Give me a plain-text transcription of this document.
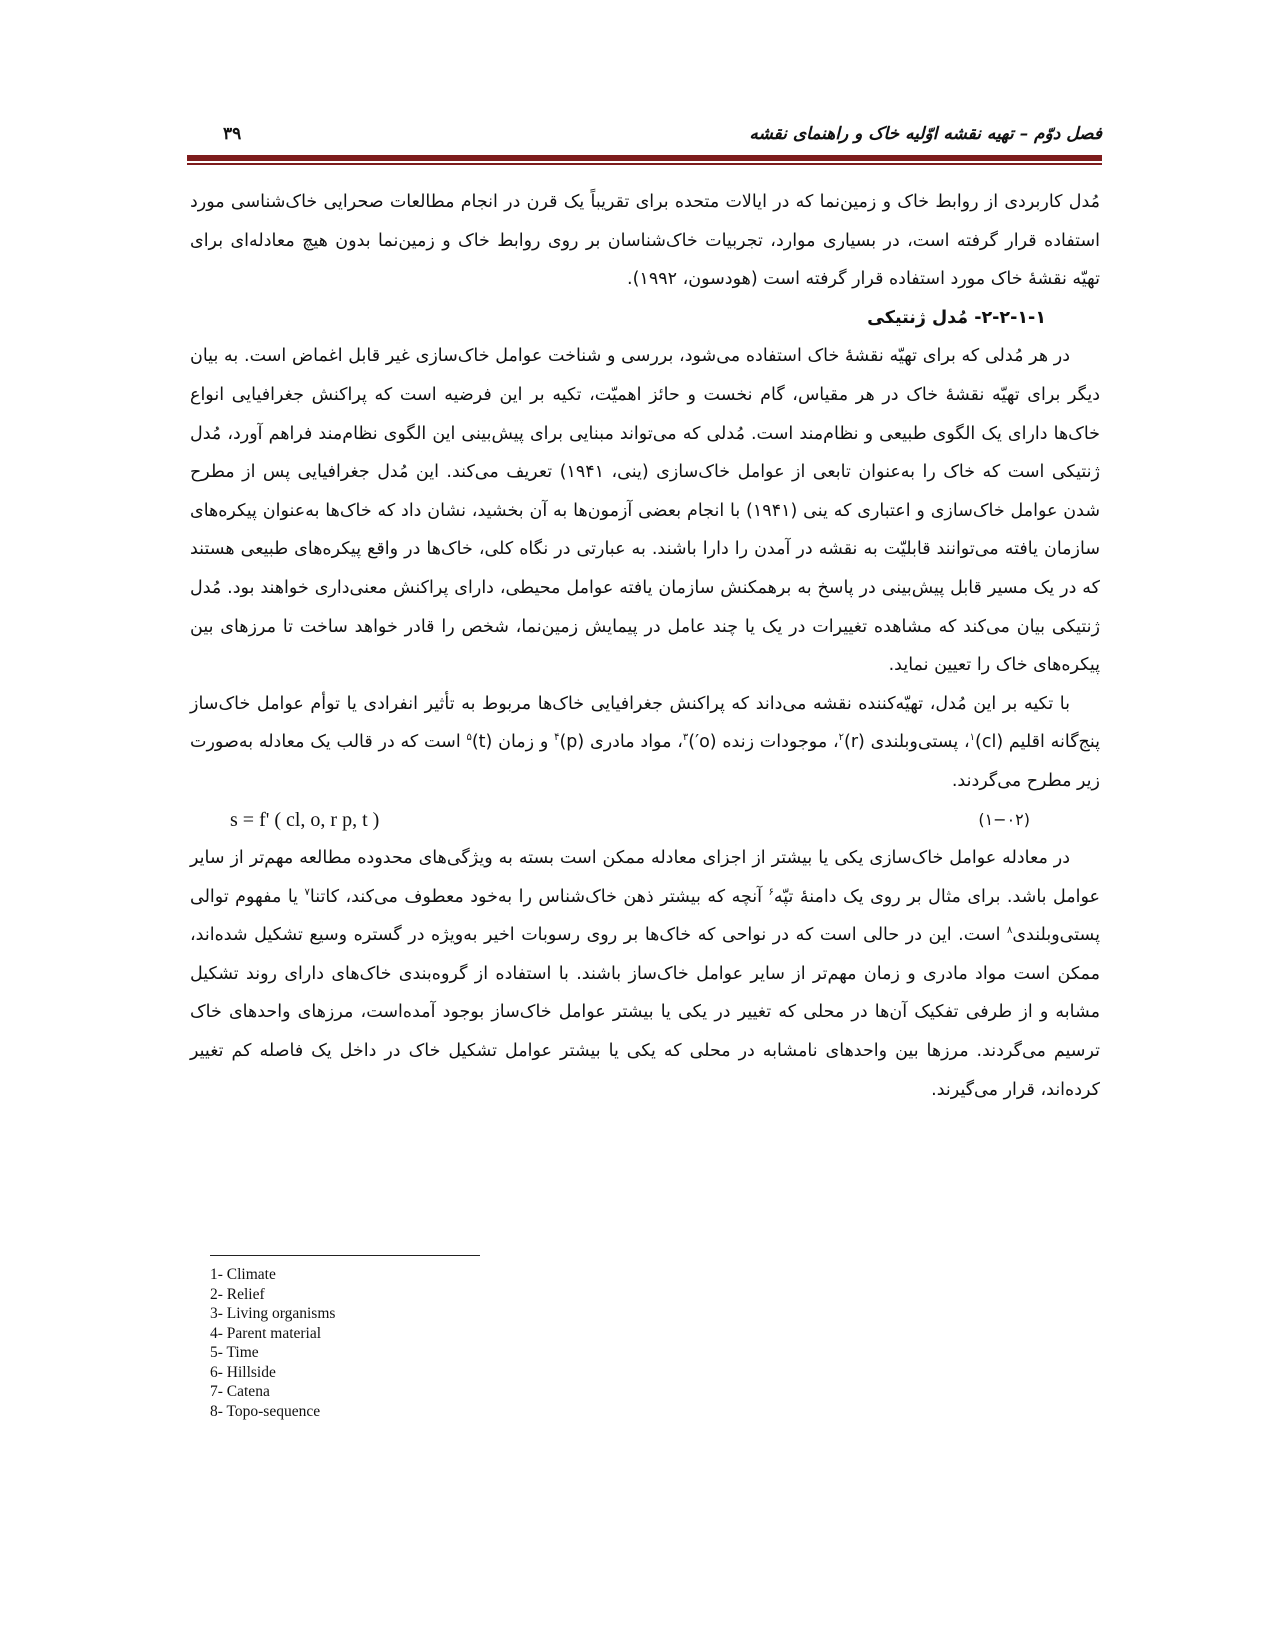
فصل دوّم – تهیه نقشه اوّلیه خاک و راهنمای نقشه
۳۹

مُدل کاربردی از روابط خاک و زمین‌نما که در ایالات متحده برای تقریباً یک قرن در انجام مطالعات صحرایی خاک‌شناسی مورد استفاده قرار گرفته است، در بسیاری موارد، تجربیات خاک‌شناسان بر روی روابط خاک و زمین‌نما بدون هیچ معادله‌ای برای تهیّه نقشهٔ خاک مورد استفاده قرار گرفته است (هودسون، ۱۹۹۲).

۲-۲-۱-۱- مُدل ژنتیکی

در هر مُدلی که برای تهیّه نقشهٔ خاک استفاده می‌شود، بررسی و شناخت عوامل خاک‌سازی غیر قابل اغماض است. به بیان دیگر برای تهیّه نقشهٔ خاک در هر مقیاس، گام نخست و حائز اهمیّت، تکیه بر این فرضیه است که پراکنش جغرافیایی انواع خاک‌ها دارای یک الگوی طبیعی و نظام‌مند است. مُدلی که می‌تواند مبنایی برای پیش‌بینی این الگوی نظام‌مند فراهم آورد، مُدل ژنتیکی است که خاک را به‌عنوان تابعی از عوامل خاک‌سازی (ینی، ۱۹۴۱) تعریف می‌کند. این مُدل جغرافیایی پس از مطرح شدن عوامل خاک‌سازی و اعتباری که ینی (۱۹۴۱) با انجام بعضی آزمون‌ها به آن بخشید، نشان داد که خاک‌ها به‌عنوان پیکره‌های سازمان یافته می‌توانند قابلیّت به نقشه در آمدن را دارا باشند. به عبارتی در نگاه کلی، خاک‌ها در واقع پیکره‌های طبیعی هستند که در یک مسیر قابل پیش‌بینی در پاسخ به برهمکنش سازمان یافته عوامل محیطی، دارای پراکنش معنی‌داری خواهند بود. مُدل ژنتیکی بیان می‌کند که مشاهده تغییرات در یک یا چند عامل در پیمایش زمین‌نما، شخص را قادر خواهد ساخت تا مرزهای بین پیکره‌های خاک را تعیین نماید.

با تکیه بر این مُدل، تهیّه‌کننده نقشه می‌داند که پراکنش جغرافیایی خاک‌ها مربوط به تأثیر انفرادی یا توأم عوامل خاک‌ساز پنج‌گانه اقلیم (cl)$^۱$، پستی‌وبلندی $(r)^۲،$ موجودات زنده $(o')^۳،$ مواد مادری $(p)^۴$ و زمان $(t)^۵$ است که در قالب یک معادله به‌صورت زیر مطرح می‌گردند.

s = f' ( cl, o, r p, t )	(۱−۰۲)

در معادله عوامل خاک‌سازی یکی یا بیشتر از اجزای معادله ممکن است بسته به ویژگی‌های محدوده مطالعه مهم‌تر از سایر عوامل باشد. برای مثال بر روی یک دامنهٔ تپّه$^۶$ آنچه که بیشتر ذهن خاک‌شناس را به‌خود معطوف می‌کند، کاتنا$^۷$ یا مفهوم توالی پستی‌وبلندی$^۸$ است. این در حالی است که در نواحی که خاک‌ها بر روی رسوبات اخیر به‌ویژه در گستره وسیع تشکیل شده‌اند، ممکن است مواد مادری و زمان مهم‌تر از سایر عوامل خاک‌ساز باشند. با استفاده از گروه‌بندی خاک‌های دارای روند تشکیل مشابه و از طرفی تفکیک آن‌ها در محلی که تغییر در یکی یا بیشتر عوامل خاک‌ساز بوجود آمده‌است، مرزهای واحدهای خاک ترسیم می‌گردند. مرزها بین واحدهای نامشابه در محلی که یکی یا بیشتر عوامل تشکیل خاک در داخل یک فاصله کم تغییر کرده‌اند، قرار می‌گیرند.

1- Climate
2- Relief
3- Living organisms
4- Parent material
5- Time
6- Hillside
7- Catena
8- Topo-sequence
